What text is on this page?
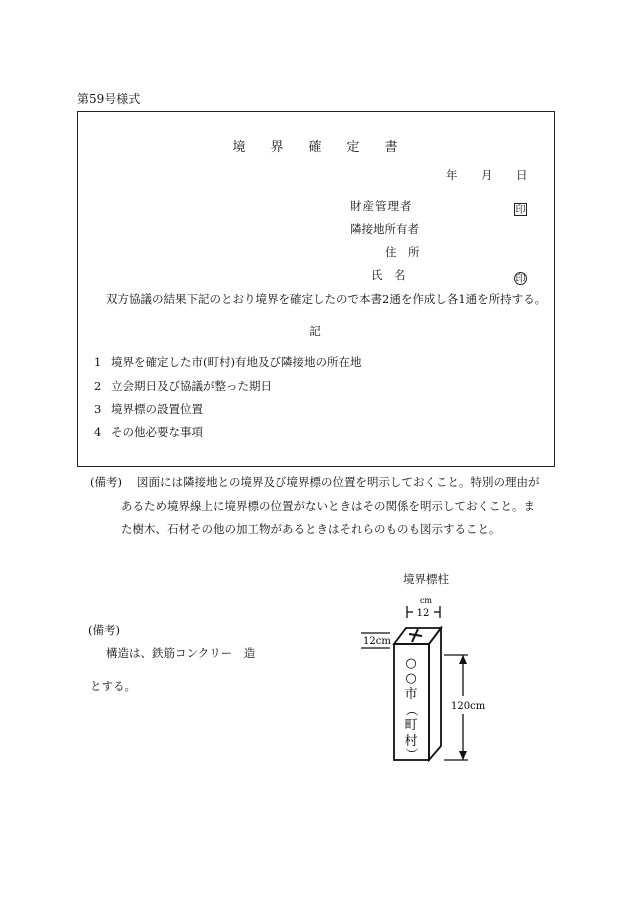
第59号様式
境界確定書
年 月 日
財産管理者	印
隣接地所有者
住　所
氏　名	印
双方協議の結果下記のとおり境界を確定したので本書2通を作成し各1通を所持する。
記
1 境界を確定した市(町村)有地及び隣接地の所在地
2 立会期日及び協議が整った期日
3 境界標の設置位置
4 その他必要な事項
(備考) 図面には隣接地との境界及び境界標の位置を明示しておくこと。特別の理由が
あるため境界線上に境界標の位置がないときはその関係を明示しておくこと。ま
た樹木、石材その他の加工物があるときはそれらのものも図示すること。
境界標柱
(備考)
構造は、鉄筋コンクリー　造
とする。
cm
12
12cm
120cm
○
○
市
（
町
村
）
